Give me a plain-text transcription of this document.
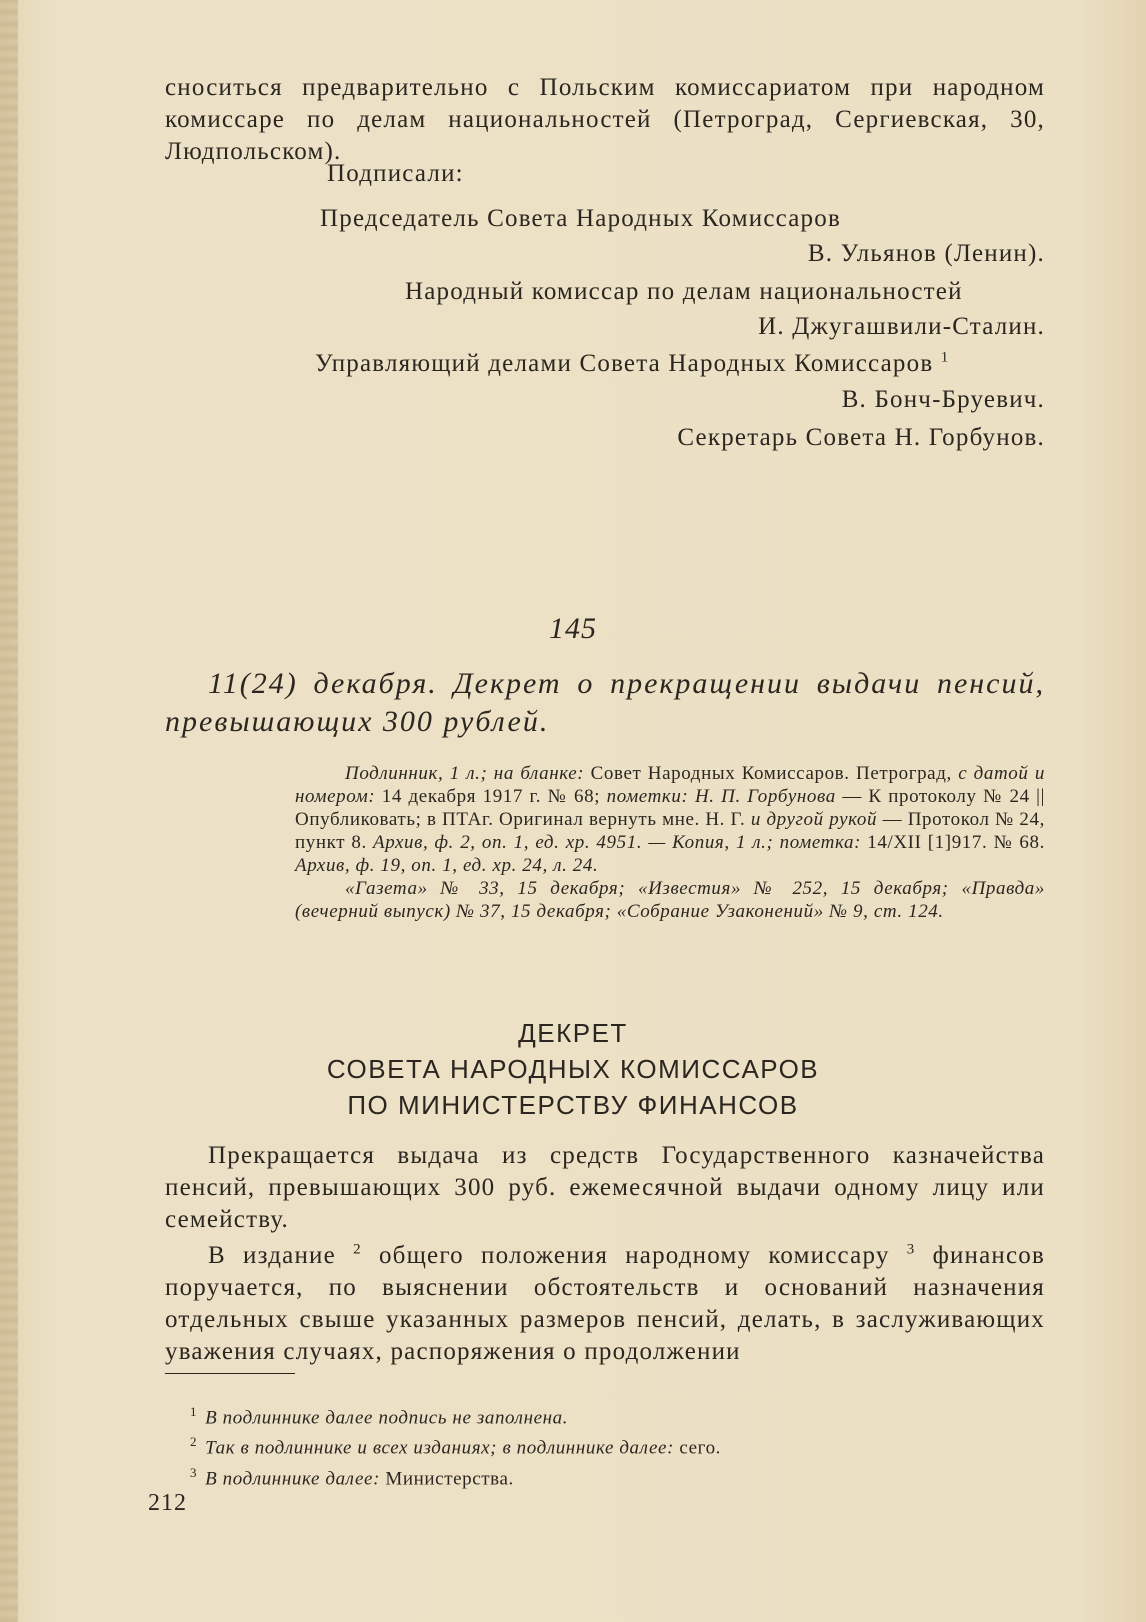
сноситься предварительно с Польским комиссариатом при народном комиссаре по делам национальностей (Петроград, Сергиевская, 30, Людпольском).

Подписали:
Председатель Совета Народных Комиссаров
В. Ульянов (Ленин).
Народный комиссар по делам национальностей
И. Джугашвили-Сталин.
Управляющий делами Совета Народных Комиссаров $^1$
В. Бонч-Бруевич.
Секретарь Совета Н. Горбунов.
145

11(24) декабря. Декрет о прекращении выдачи пенсий, превышающих 300 рублей.

Подлинник, 1 л.; на бланке: Совет Народных Комиссаров. Петроград, с датой и номером: 14 декабря 1917 г. № 68; пометки: Н. П. Горбунова — К протоколу № 24 || Опубликовать; в ПТАг. Оригинал вернуть мне. Н. Г. и другой рукой — Протокол № 24, пункт 8. Архив, ф. 2, оп. 1, ед. хр. 4951. — Копия, 1 л.; пометка: 14/XII [1]917. № 68. Архив, ф. 19, оп. 1, ед. хр. 24, л. 24.

«Газета» № 33, 15 декабря; «Известия» № 252, 15 декабря; «Правда» (вечерний выпуск) № 37, 15 декабря; «Собрание Узаконений» № 9, ст. 124.

ДЕКРЕТ
СОВЕТА НАРОДНЫХ КОМИССАРОВ
ПО МИНИСТЕРСТВУ ФИНАНСОВ

Прекращается выдача из средств Государственного казначейства пенсий, превышающих 300 руб. ежемесячной выдачи одному лицу или семейству.

В издание $^2$ общего положения народному комиссару $^3$ финансов поручается, по выяснении обстоятельств и оснований назначения отдельных свыше указанных размеров пенсий, делать, в заслуживающих уважения случаях, распоряжения о продолжении

$^1$ В подлиннике далее подпись не заполнена.
$^2$ Так в подлиннике и всех изданиях; в подлиннике далее: сего.
$^3$ В подлиннике далее: Министерства.
212
